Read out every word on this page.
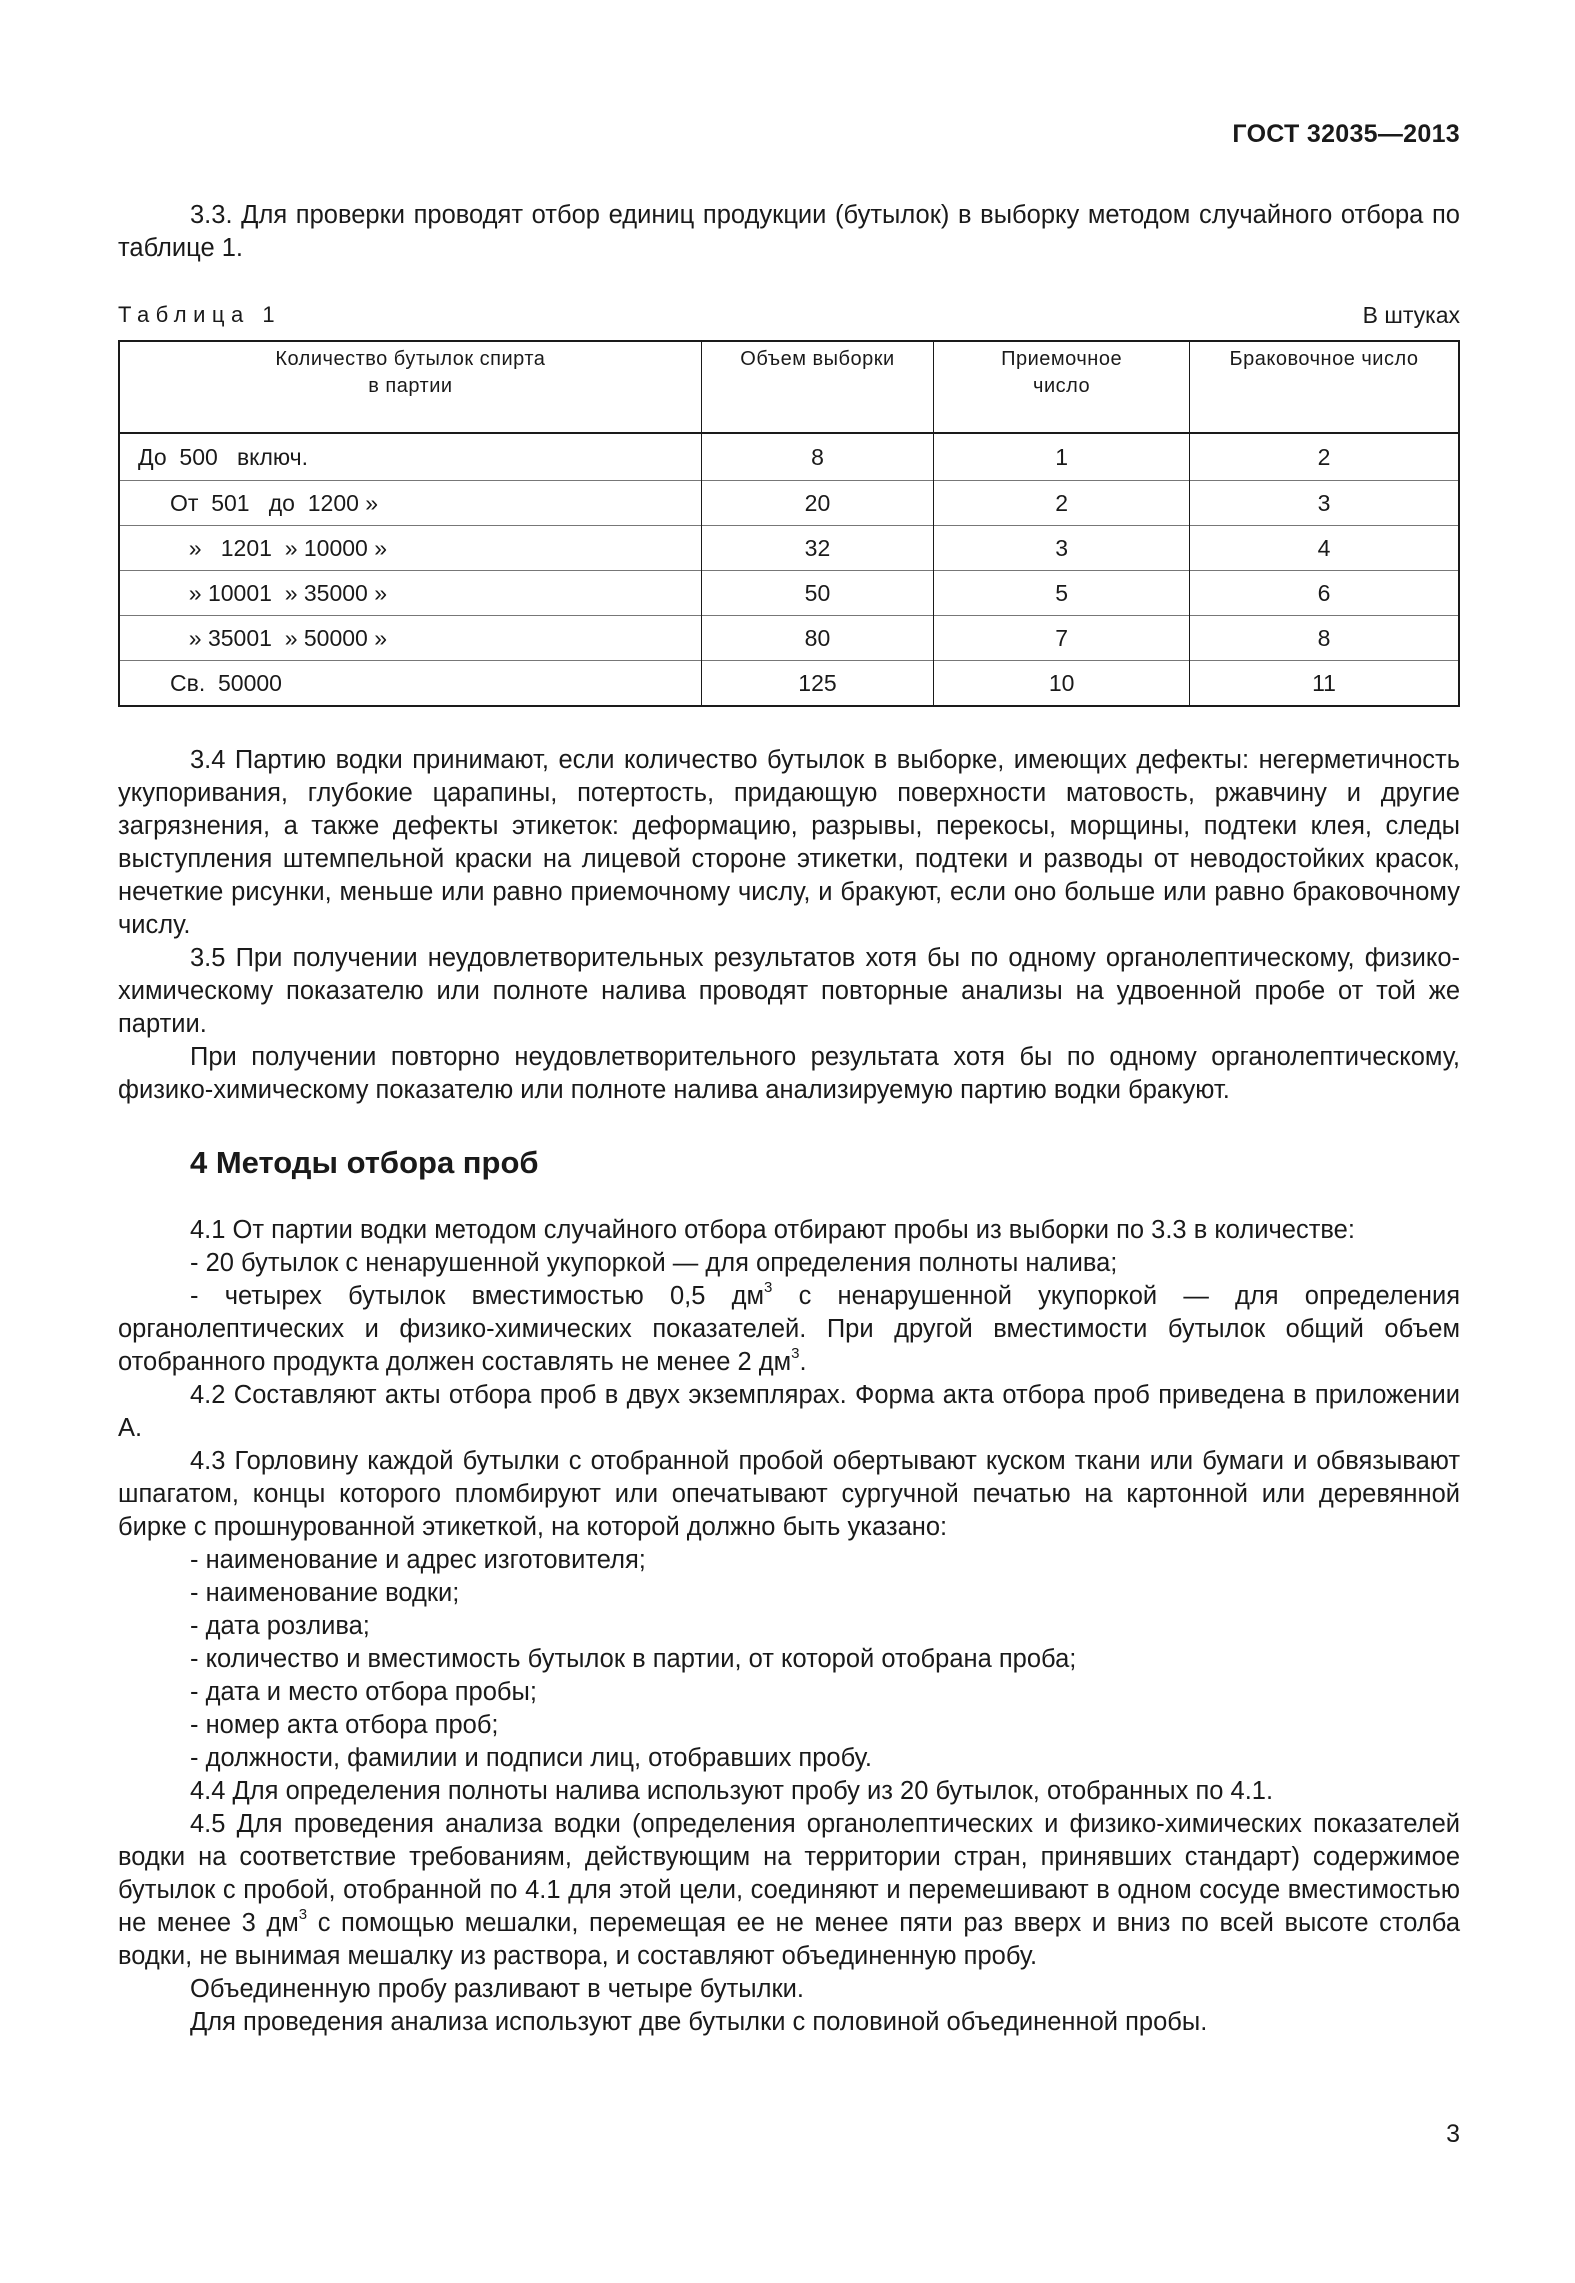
ГОСТ 32035—2013

3.3. Для проверки проводят отбор единиц продукции (бутылок) в выборку методом случайного отбора по таблице 1.

Таблица 1	В штуках
Количество бутылок спирта в партии	Объем выборки	Приемочное число	Браковочное число
До  500   включ.	8	1	2
От  501   до  1200 »	20	2	3
»   1201  » 10000 »	32	3	4
» 10001  » 35000 »	50	5	6
» 35001  » 50000 »	80	7	8
Св.  50000	125	10	11

3.4 Партию водки принимают, если количество бутылок в выборке, имеющих дефекты: негерметичность укупоривания, глубокие царапины, потертость, придающую поверхности матовость, ржавчину и другие загрязнения, а также дефекты этикеток: деформацию, разрывы, перекосы, морщины, подтеки клея, следы выступления штемпельной краски на лицевой стороне этикетки, подтеки и разводы от неводостойких красок, нечеткие рисунки, меньше или равно приемочному числу, и бракуют, если оно больше или равно браковочному числу.

3.5 При получении неудовлетворительных результатов хотя бы по одному органолептическому, физико-химическому показателю или полноте налива проводят повторные анализы на удвоенной пробе от той же партии.

При получении повторно неудовлетворительного результата хотя бы по одному органолептическому, физико-химическому показателю или полноте налива анализируемую партию водки бракуют.

4 Методы отбора проб

4.1 От партии водки методом случайного отбора отбирают пробы из выборки по 3.3 в количестве:

- 20 бутылок с ненарушенной укупоркой — для определения полноты налива;

- четырех бутылок вместимостью 0,5 $дм^3$ с ненарушенной укупоркой — для определения органолептических и физико-химических показателей. При другой вместимости бутылок общий объем отобранного продукта должен составлять не менее 2 $дм^3$.

4.2 Составляют акты отбора проб в двух экземплярах. Форма акта отбора проб приведена в приложении А.

4.3 Горловину каждой бутылки с отобранной пробой обертывают куском ткани или бумаги и обвязывают шпагатом, концы которого пломбируют или опечатывают сургучной печатью на картонной или деревянной бирке с прошнурованной этикеткой, на которой должно быть указано:

- наименование и адрес изготовителя;

- наименование водки;

- дата розлива;

- количество и вместимость бутылок в партии, от которой отобрана проба;

- дата и место отбора пробы;

- номер акта отбора проб;

- должности, фамилии и подписи лиц, отобравших пробу.

4.4 Для определения полноты налива используют пробу из 20 бутылок, отобранных по 4.1.

4.5 Для проведения анализа водки (определения органолептических и физико-химических показателей водки на соответствие требованиям, действующим на территории стран, принявших стандарт) содержимое бутылок с пробой, отобранной по 4.1 для этой цели, соединяют и перемешивают в одном сосуде вместимостью не менее 3 $дм^3$ с помощью мешалки, перемещая ее не менее пяти раз вверх и вниз по всей высоте столба водки, не вынимая мешалку из раствора, и составляют объединенную пробу.

Объединенную пробу разливают в четыре бутылки.

Для проведения анализа используют две бутылки с половиной объединенной пробы.

3
